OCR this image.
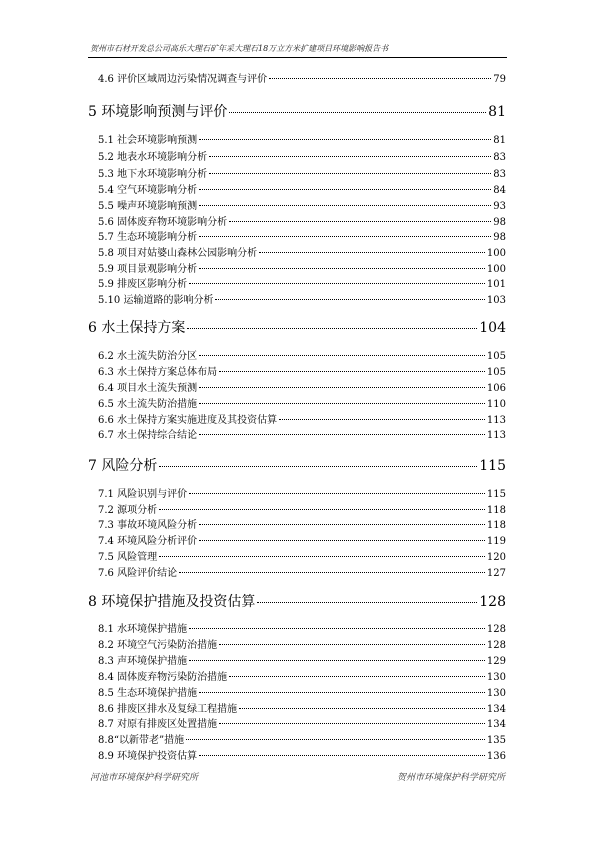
贺州市石材开发总公司高乐大理石矿年采大理石18万立方米扩建项目环境影响报告书
4.6 评价区域周边污染情况调查与评价	79
5 环境影响预测与评价	81
5.1 社会环境影响预测	81
5.2 地表水环境影响分析	83
5.3 地下水环境影响分析	83
5.4 空气环境影响分析	84
5.5 噪声环境影响预测	93
5.6 固体废弃物环境影响分析	98
5.7 生态环境影响分析	98
5.8 项目对姑婆山森林公园影响分析	100
5.9 项目景观影响分析	100
5.9 排废区影响分析	101
5.10 运输道路的影响分析	103
6 水土保持方案	104
6.2 水土流失防治分区	105
6.3 水土保持方案总体布局	105
6.4 项目水土流失预测	106
6.5 水土流失防治措施	110
6.6 水土保持方案实施进度及其投资估算	113
6.7 水土保持综合结论	113
7 风险分析	115
7.1 风险识别与评价	115
7.2 源项分析	118
7.3 事故环境风险分析	118
7.4 环境风险分析评价	119
7.5 风险管理	120
7.6 风险评价结论	127
8 环境保护措施及投资估算	128
8.1 水环境保护措施	128
8.2 环境空气污染防治措施	128
8.3 声环境保护措施	129
8.4 固体废弃物污染防治措施	130
8.5 生态环境保护措施	130
8.6 排废区排水及复绿工程措施	134
8.7 对原有排废区处置措施	134
8.8“以新带老”措施	135
8.9 环境保护投资估算	136
河池市环境保护科学研究所	贺州市环境保护科学研究所
